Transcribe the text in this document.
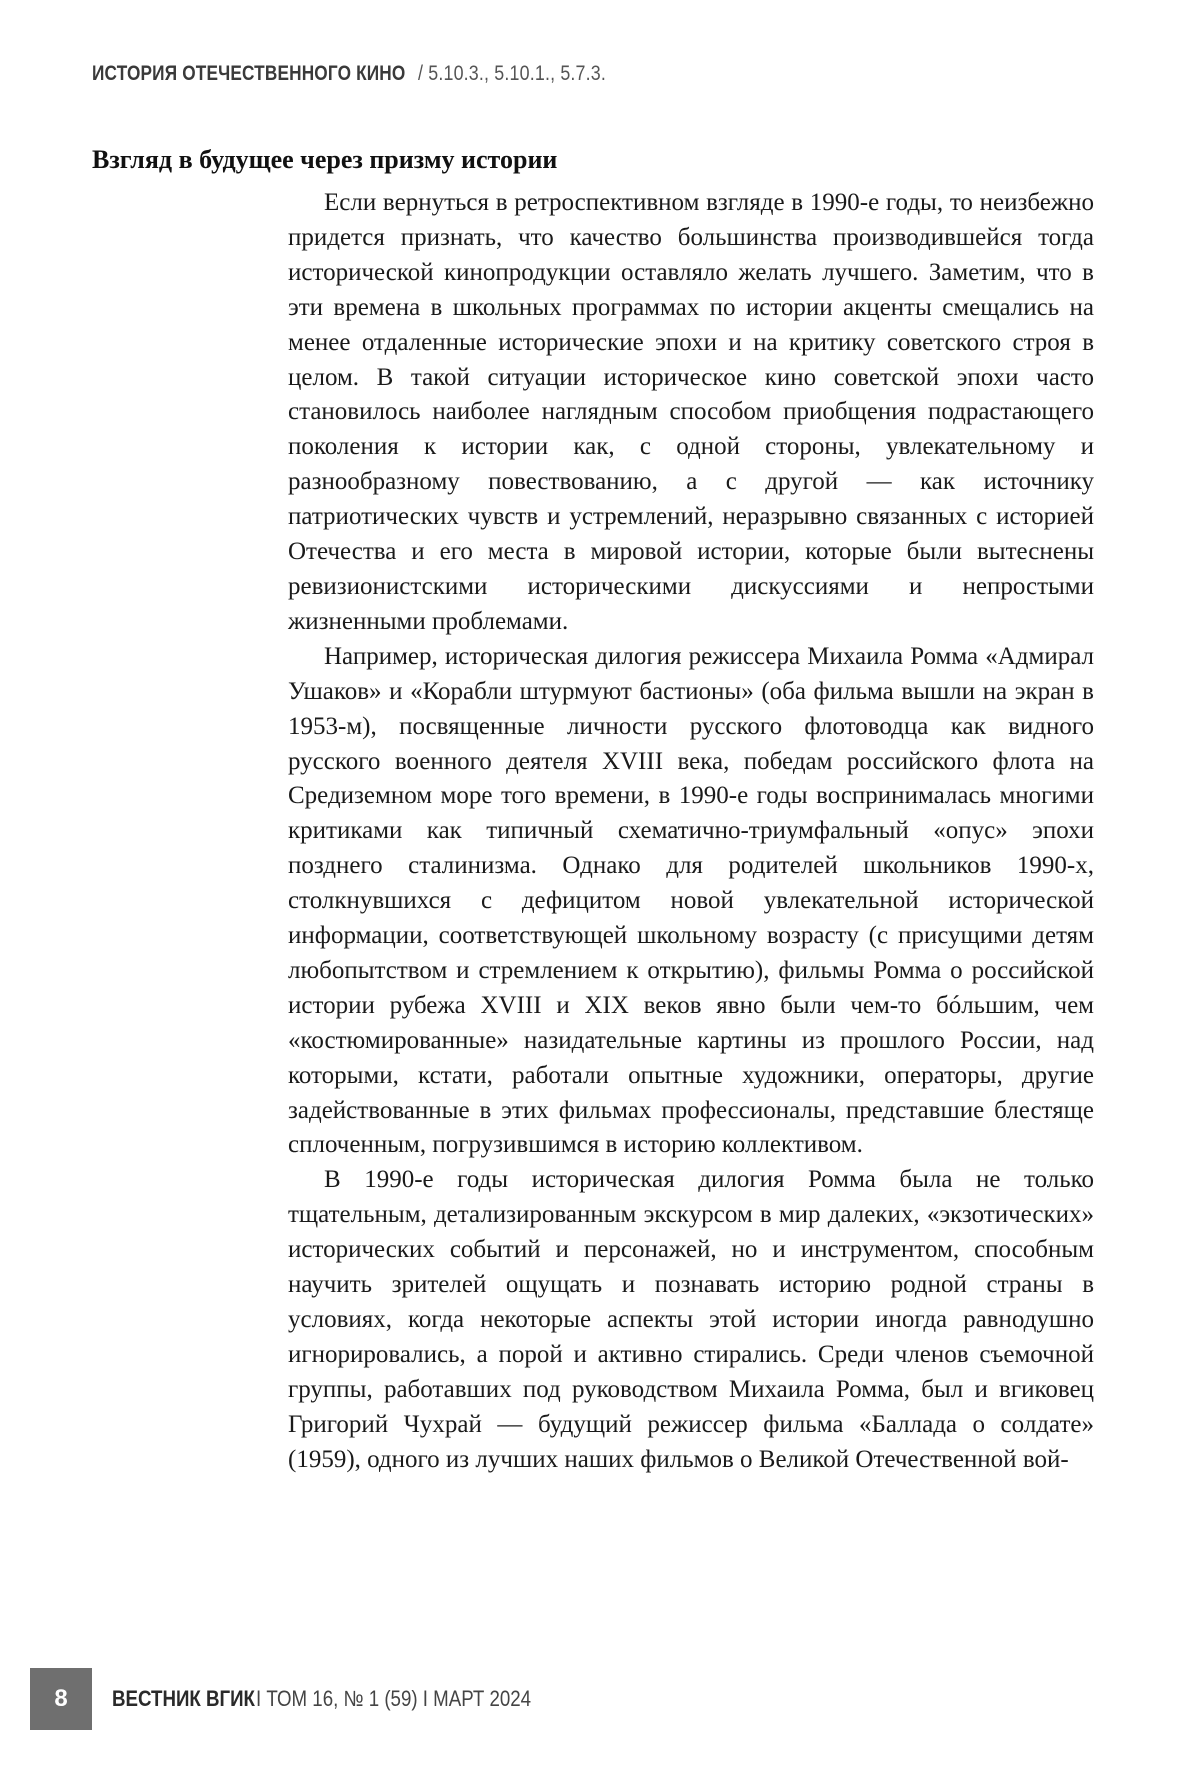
ИСТОРИЯ ОТЕЧЕСТВЕННОГО КИНО/ 5.10.3., 5.10.1., 5.7.3.
Взгляд в будущее через призму истории

Если вернуться в ретроспективном взгляде в 1990-е годы, то неизбежно придется признать, что качество большинства производившейся тогда исторической кинопродукции оставляло желать лучшего. Заметим, что в эти времена в школьных программах по истории акценты смещались на менее отдаленные исторические эпохи и на критику советского строя в целом. В такой ситуации историческое кино советской эпохи часто становилось наиболее наглядным способом приобщения подрастающего поколения к истории как, с одной стороны, увлекательному и разнообразному повествованию, а с другой — как источнику патриотических чувств и устремлений, неразрывно связанных с историей Отечества и его места в мировой истории, которые были вытеснены ревизионистскими историческими дискуссиями и непростыми жизненными проблемами.

Например, историческая дилогия режиссера Михаила Ромма «Адмирал Ушаков» и «Корабли штурмуют бастионы» (оба фильма вышли на экран в 1953-м), посвященные личности русского флотоводца как видного русского военного деятеля XVIII века, победам российского флота на Средиземном море того времени, в 1990-е годы воспринималась многими критиками как типичный схематично-триумфальный «опус» эпохи позднего сталинизма. Однако для родителей школьников 1990-х, столкнувшихся с дефицитом новой увлекательной исторической информации, соответствующей школьному возрасту (с присущими детям любопытством и стремлением к открытию), фильмы Ромма о российской истории рубежа XVIII и XIX веков явно были чем-то бóльшим, чем «костюмированные» назидательные картины из прошлого России, над которыми, кстати, работали опытные художники, операторы, другие задействованные в этих фильмах профессионалы, представшие блестяще сплоченным, погрузившимся в историю коллективом.

В 1990-е годы историческая дилогия Ромма была не только тщательным, детализированным экскурсом в мир далеких, «экзотических» исторических событий и персонажей, но и инструментом, способным научить зрителей ощущать и познавать историю родной страны в условиях, когда некоторые аспекты этой истории иногда равнодушно игнорировались, а порой и активно стирались. Среди членов съемочной группы, работавших под руководством Михаила Ромма, был и вгиковец Григорий Чухрай — будущий режиссер фильма «Баллада о солдате» (1959), одного из лучших наших фильмов о Великой Отечественной вой-

8	ВЕСТНИК ВГИКI ТОМ 16, № 1 (59) I МАРТ 2024
